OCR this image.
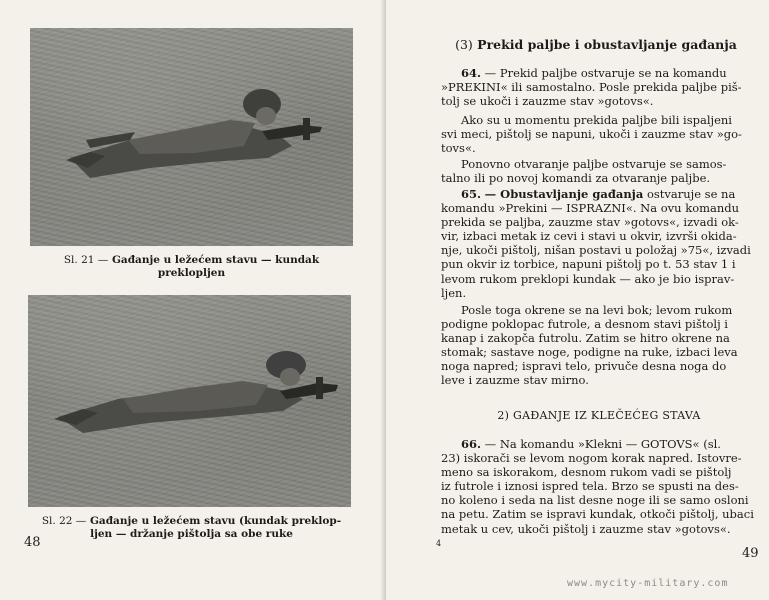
Sl. 21 — Gađanje u ležećem stavu — kundak
preklopljen
Sl. 22 — Gađanje u ležećem stavu (kundak preklop-
ljen — držanje pištolja sa obe ruke
48
(3) Prekid paljbe i obustavljanje gađanja

64. — Prekid paljbe ostvaruje se na komandu
»PREKINI« ili samostalno. Posle prekida paljbe piš-
tolj se ukoči i zauzme stav »gotovs«.

Ako su u momentu prekida paljbe bili ispaljeni
svi meci, pištolj se napuni, ukoči i zauzme stav »go-
tovs«.

Ponovno otvaranje paljbe ostvaruje se samos-
talno ili po novoj komandi za otvaranje paljbe.

65. — Obustavljanje gađanja ostvaruje se na
komandu »Prekini — ISPRAZNI«. Na ovu komandu
prekida se paljba, zauzme stav »gotovs«, izvadi ok-
vir, izbaci metak iz cevi i stavi u okvir, izvrši okida-
nje, ukoči pištolj, nišan postavi u položaj »75«, izvadi
pun okvir iz torbice, napuni pištolj po t. 53 stav 1 i
levom rukom preklopi kundak — ako je bio isprav-
ljen.

Posle toga okrene se na levi bok; levom rukom
podigne poklopac futrole, a desnom stavi pištolj i
kanap i zakopča futrolu. Zatim se hitro okrene na
stomak; sastave noge, podigne na ruke, izbaci leva
noga napred; ispravi telo, privuče desna noga do
leve i zauzme stav mirno.

2) GAĐANJE IZ KLEČEĆEG STAVA

66. — Na komandu »Klekni — GOTOVS« (sl.
23) iskorači se levom nogom korak napred. Istovre-
meno sa iskorakom, desnom rukom vadi se pištolj
iz futrole i iznosi ispred tela. Brzo se spusti na des-
no koleno i seda na list desne noge ili se samo osloni
na petu. Zatim se ispravi kundak, otkoči pištolj, ubaci
metak u cev, ukoči pištolj i zauzme stav »gotovs«.

4
49
www.mycity-military.com
